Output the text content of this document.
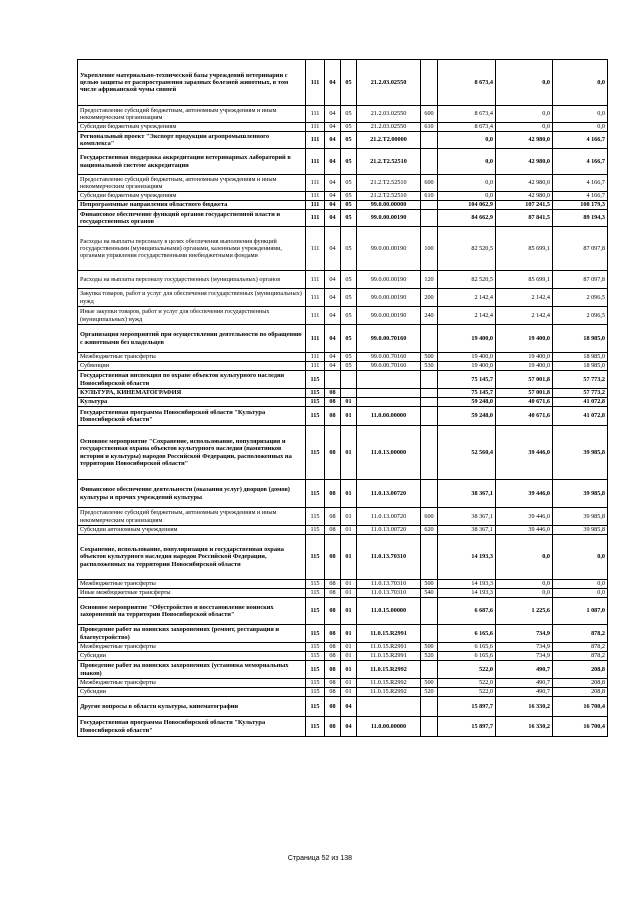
Укрепление материально-технической базы учреждений ветеринарии с целью защиты от распространения заразных болезней животных, в том числе африканской чумы свиней	111	04	05	21.2.03.02550		8 673,4	0,0	0,0
Предоставление субсидий бюджетным, автономным учреждениям и иным некоммерческим организациям	111	04	05	21.2.03.02550	600	8 673,4	0,0	0,0
Субсидии бюджетным учреждениям	111	04	05	21.2.03.02550	610	8 673,4	0,0	0,0
Региональный проект "Экспорт продукции агропромышленного комплекса"	111	04	05	21.2.T2.00000		0,0	42 980,0	4 166,7
Государственная поддержка аккредитации ветеринарных лабораторий в национальной системе аккредитации	111	04	05	21.2.T2.52510		0,0	42 980,0	4 166,7
Предоставление субсидий бюджетным, автономным учреждениям и иным некоммерческим организациям	111	04	05	21.2.T2.52510	600	0,0	42 980,0	4 166,7
Субсидии бюджетным учреждениям	111	04	05	21.2.T2.52510	610	0,0	42 980,0	4 166,7
Непрограммные направления областного бюджета	111	04	05	99.0.00.00000		104 062,9	107 241,5	108 179,3
Финансовое обеспечение функций органов государственной власти и государственных органов	111	04	05	99.0.00.00190		84 662,9	87 841,5	89 194,3
Расходы на выплаты персоналу в целях обеспечения выполнения функций государственными (муниципальными) органами, казенными учреждениями, органами управления государственными внебюджетными фондами	111	04	05	99.0.00.00190	100	82 520,5	85 699,1	87 097,8
Расходы на выплаты персоналу государственных (муниципальных) органов	111	04	05	99.0.00.00190	120	82 520,5	85 699,1	87 097,8
Закупка товаров, работ и услуг для обеспечения государственных (муниципальных) нужд	111	04	05	99.0.00.00190	200	2 142,4	2 142,4	2 096,5
Иные закупки товаров, работ и услуг для обеспечения государственных (муниципальных) нужд	111	04	05	99.0.00.00190	240	2 142,4	2 142,4	2 096,5
Организация мероприятий при осуществлении деятельности по обращению с животными без владельцев	111	04	05	99.0.00.70160		19 400,0	19 400,0	18 985,0
Межбюджетные трансферты	111	04	05	99.0.00.70160	500	19 400,0	19 400,0	18 985,0
Субвенции	111	04	05	99.0.00.70160	530	19 400,0	19 400,0	18 985,0
Государственная инспекция по охране объектов культурного наследия Новосибирской области	115					75 145,7	57 001,8	57 773,2
КУЛЬТУРА, КИНЕМАТОГРАФИЯ	115	08				75 145,7	57 001,8	57 773,2
Культура	115	08	01			59 248,0	40 671,6	41 072,8
Государственная программа Новосибирской области "Культура Новосибирской области"	115	08	01	11.0.00.00000		59 248,0	40 671,6	41 072,8
Основное мероприятие "Сохранение, использование, популяризация и государственная охрана объектов культурного наследия (памятников истории и культуры) народов Российской Федерации, расположенных на территории Новосибирской области"	115	08	01	11.0.13.00000		52 560,4	39 446,0	39 985,8
Финансовое обеспечение деятельности (оказания услуг) дворцов (домов) культуры и прочих учреждений культуры	115	08	01	11.0.13.00720		38 367,1	39 446,0	39 985,8
Предоставление субсидий бюджетным, автономным учреждениям и иным некоммерческим организациям	115	08	01	11.0.13.00720	600	38 367,1	39 446,0	39 985,8
Субсидии автономным учреждениям	115	08	01	11.0.13.00720	620	38 367,1	39 446,0	39 985,8
Сохранение, использование, популяризация и государственная охрана объектов культурного наследия народов Российской Федерации, расположенных на территории Новосибирской области	115	08	01	11.0.13.70310		14 193,3	0,0	0,0
Межбюджетные трансферты	115	08	01	11.0.13.70310	500	14 193,3	0,0	0,0
Иные межбюджетные трансферты	115	08	01	11.0.13.70310	540	14 193,3	0,0	0,0
Основное мероприятие "Обустройство и восстановление воинских захоронений на территории Новосибирской области"	115	08	01	11.0.15.00000		6 687,6	1 225,6	1 087,0
Проведение работ на воинских захоронениях (ремонт, реставрация и благоустройство)	115	08	01	11.0.15.R2991		6 165,6	734,9	878,2
Межбюджетные трансферты	115	08	01	11.0.15.R2991	500	6 165,6	734,9	878,2
Субсидии	115	08	01	11.0.15.R2991	520	6 165,6	734,9	878,2
Проведение работ на воинских захоронениях (установка мемориальных знаков)	115	08	01	11.0.15.R2992		522,0	490,7	208,8
Межбюджетные трансферты	115	08	01	11.0.15.R2992	500	522,0	490,7	208,8
Субсидии	115	08	01	11.0.15.R2992	520	522,0	490,7	208,8
Другие вопросы в области культуры, кинематографии	115	08	04			15 897,7	16 330,2	16 700,4
Государственная программа Новосибирской области "Культура Новосибирской области"	115	08	04	11.0.00.00000		15 897,7	16 330,2	16 700,4
Страница 52 из 138
